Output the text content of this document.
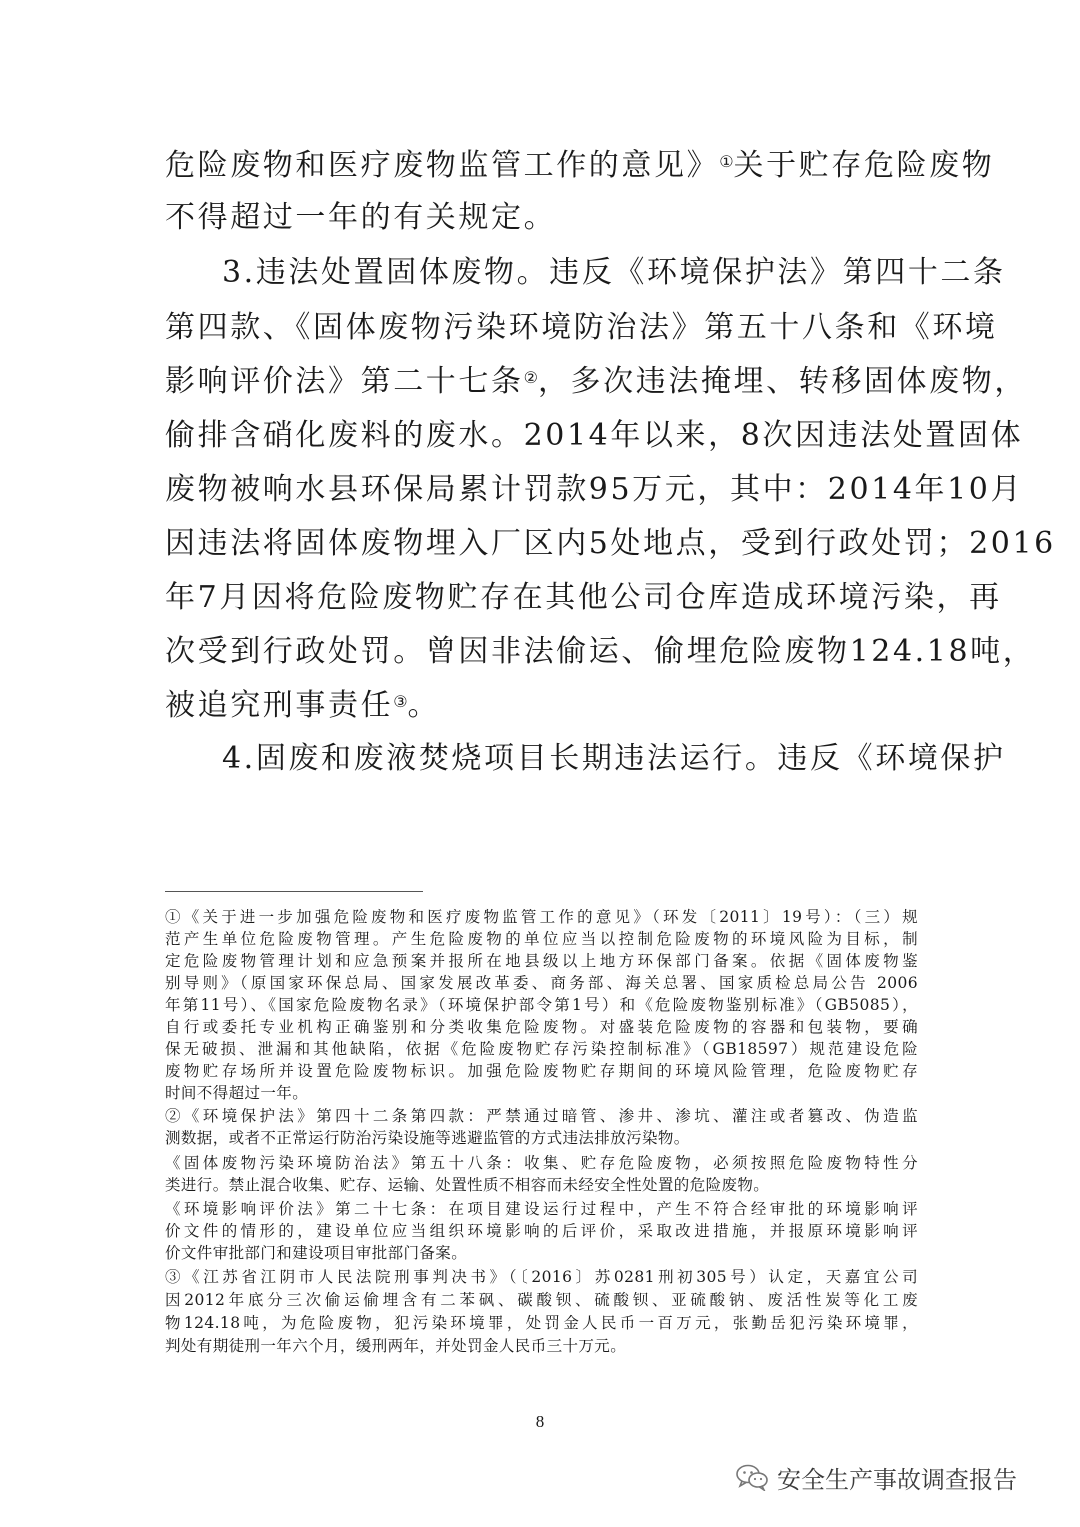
危险废物和医疗废物监管工作的意见》①关于贮存危险废物
不得超过一年的有关规定。
3.违法处置固体废物。违反《环境保护法》第四十二条
第四款、《固体废物污染环境防治法》第五十八条和《环境
影响评价法》第二十七条②，多次违法掩埋、转移固体废物，
偷排含硝化废料的废水。2014年以来，8次因违法处置固体
废物被响水县环保局累计罚款95万元，其中：2014年10月
因违法将固体废物埋入厂区内5处地点，受到行政处罚；2016
年7月因将危险废物贮存在其他公司仓库造成环境污染，再
次受到行政处罚。曾因非法偷运、偷埋危险废物124.18吨，
被追究刑事责任③。
4.固废和废液焚烧项目长期违法运行。违反《环境保护
①《关于进一步加强危险废物和医疗废物监管工作的意见》（环发〔2011〕19号）：（三）规
范产生单位危险废物管理。产生危险废物的单位应当以控制危险废物的环境风险为目标，制
定危险废物管理计划和应急预案并报所在地县级以上地方环保部门备案。依据《固体废物鉴
别导则》（原国家环保总局、国家发展改革委、商务部、海关总署、国家质检总局公告 2006
年第11号）、《国家危险废物名录》（环境保护部令第1号）和《危险废物鉴别标准》（GB5085），
自行或委托专业机构正确鉴别和分类收集危险废物。对盛装危险废物的容器和包装物，要确
保无破损、泄漏和其他缺陷，依据《危险废物贮存污染控制标准》（GB18597）规范建设危险
废物贮存场所并设置危险废物标识。加强危险废物贮存期间的环境风险管理，危险废物贮存
时间不得超过一年。
②《环境保护法》第四十二条第四款：严禁通过暗管、渗井、渗坑、灌注或者篡改、伪造监
测数据，或者不正常运行防治污染设施等逃避监管的方式违法排放污染物。
《固体废物污染环境防治法》第五十八条：收集、贮存危险废物，必须按照危险废物特性分
类进行。禁止混合收集、贮存、运输、处置性质不相容而未经安全性处置的危险废物。
《环境影响评价法》第二十七条：在项目建设运行过程中，产生不符合经审批的环境影响评
价文件的情形的，建设单位应当组织环境影响的后评价，采取改进措施，并报原环境影响评
价文件审批部门和建设项目审批部门备案。
③《江苏省江阴市人民法院刑事判决书》（〔2016〕苏0281刑初305号）认定，天嘉宜公司
因2012年底分三次偷运偷埋含有二苯砜、碳酸钡、硫酸钡、亚硫酸钠、废活性炭等化工废
物124.18吨，为危险废物，犯污染环境罪，处罚金人民币一百万元，张勤岳犯污染环境罪，
判处有期徒刑一年六个月，缓刑两年，并处罚金人民币三十万元。
8
安全生产事故调查报告
